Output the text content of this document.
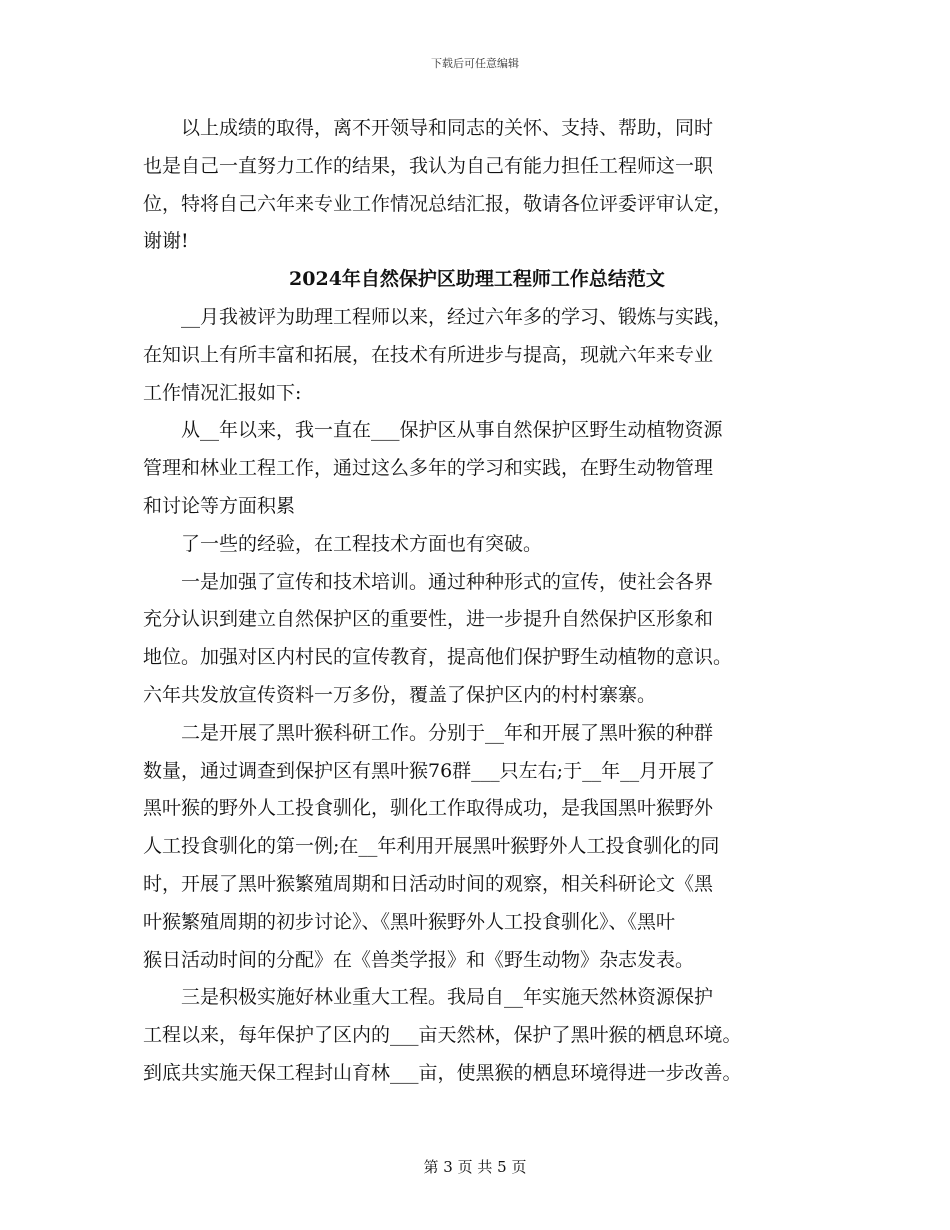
下载后可任意编辑
　　以上成绩的取得，离不开领导和同志的关怀、支持、帮助，同时
也是自己一直努力工作的结果，我认为自己有能力担任工程师这一职
位，特将自己六年来专业工作情况总结汇报，敬请各位评委评审认定，
谢谢!
2024年自然保护区助理工程师工作总结范文
　　__月我被评为助理工程师以来，经过六年多的学习、锻炼与实践，
在知识上有所丰富和拓展，在技术有所进步与提高，现就六年来专业
工作情况汇报如下:
　　从__年以来，我一直在___保护区从事自然保护区野生动植物资源
管理和林业工程工作，通过这么多年的学习和实践，在野生动物管理
和讨论等方面积累
　　了一些的经验，在工程技术方面也有突破。
　　一是加强了宣传和技术培训。通过种种形式的宣传，使社会各界
充分认识到建立自然保护区的重要性，进一步提升自然保护区形象和
地位。加强对区内村民的宣传教育，提高他们保护野生动植物的意识。
六年共发放宣传资料一万多份，覆盖了保护区内的村村寨寨。
　　二是开展了黑叶猴科研工作。分别于__年和开展了黑叶猴的种群
数量，通过调查到保护区有黑叶猴76群___只左右;于__年__月开展了
黑叶猴的野外人工投食驯化，驯化工作取得成功，是我国黑叶猴野外
人工投食驯化的第一例;在__年利用开展黑叶猴野外人工投食驯化的同
时，开展了黑叶猴繁殖周期和日活动时间的观察，相关科研论文《黑
叶猴繁殖周期的初步讨论》、《黑叶猴野外人工投食驯化》、《黑叶
猴日活动时间的分配》在《兽类学报》和《野生动物》杂志发表。
　　三是积极实施好林业重大工程。我局自__年实施天然林资源保护
工程以来，每年保护了区内的___亩天然林，保护了黑叶猴的栖息环境。
到底共实施天保工程封山育林___亩，使黑猴的栖息环境得进一步改善。
第 3 页 共 5 页
